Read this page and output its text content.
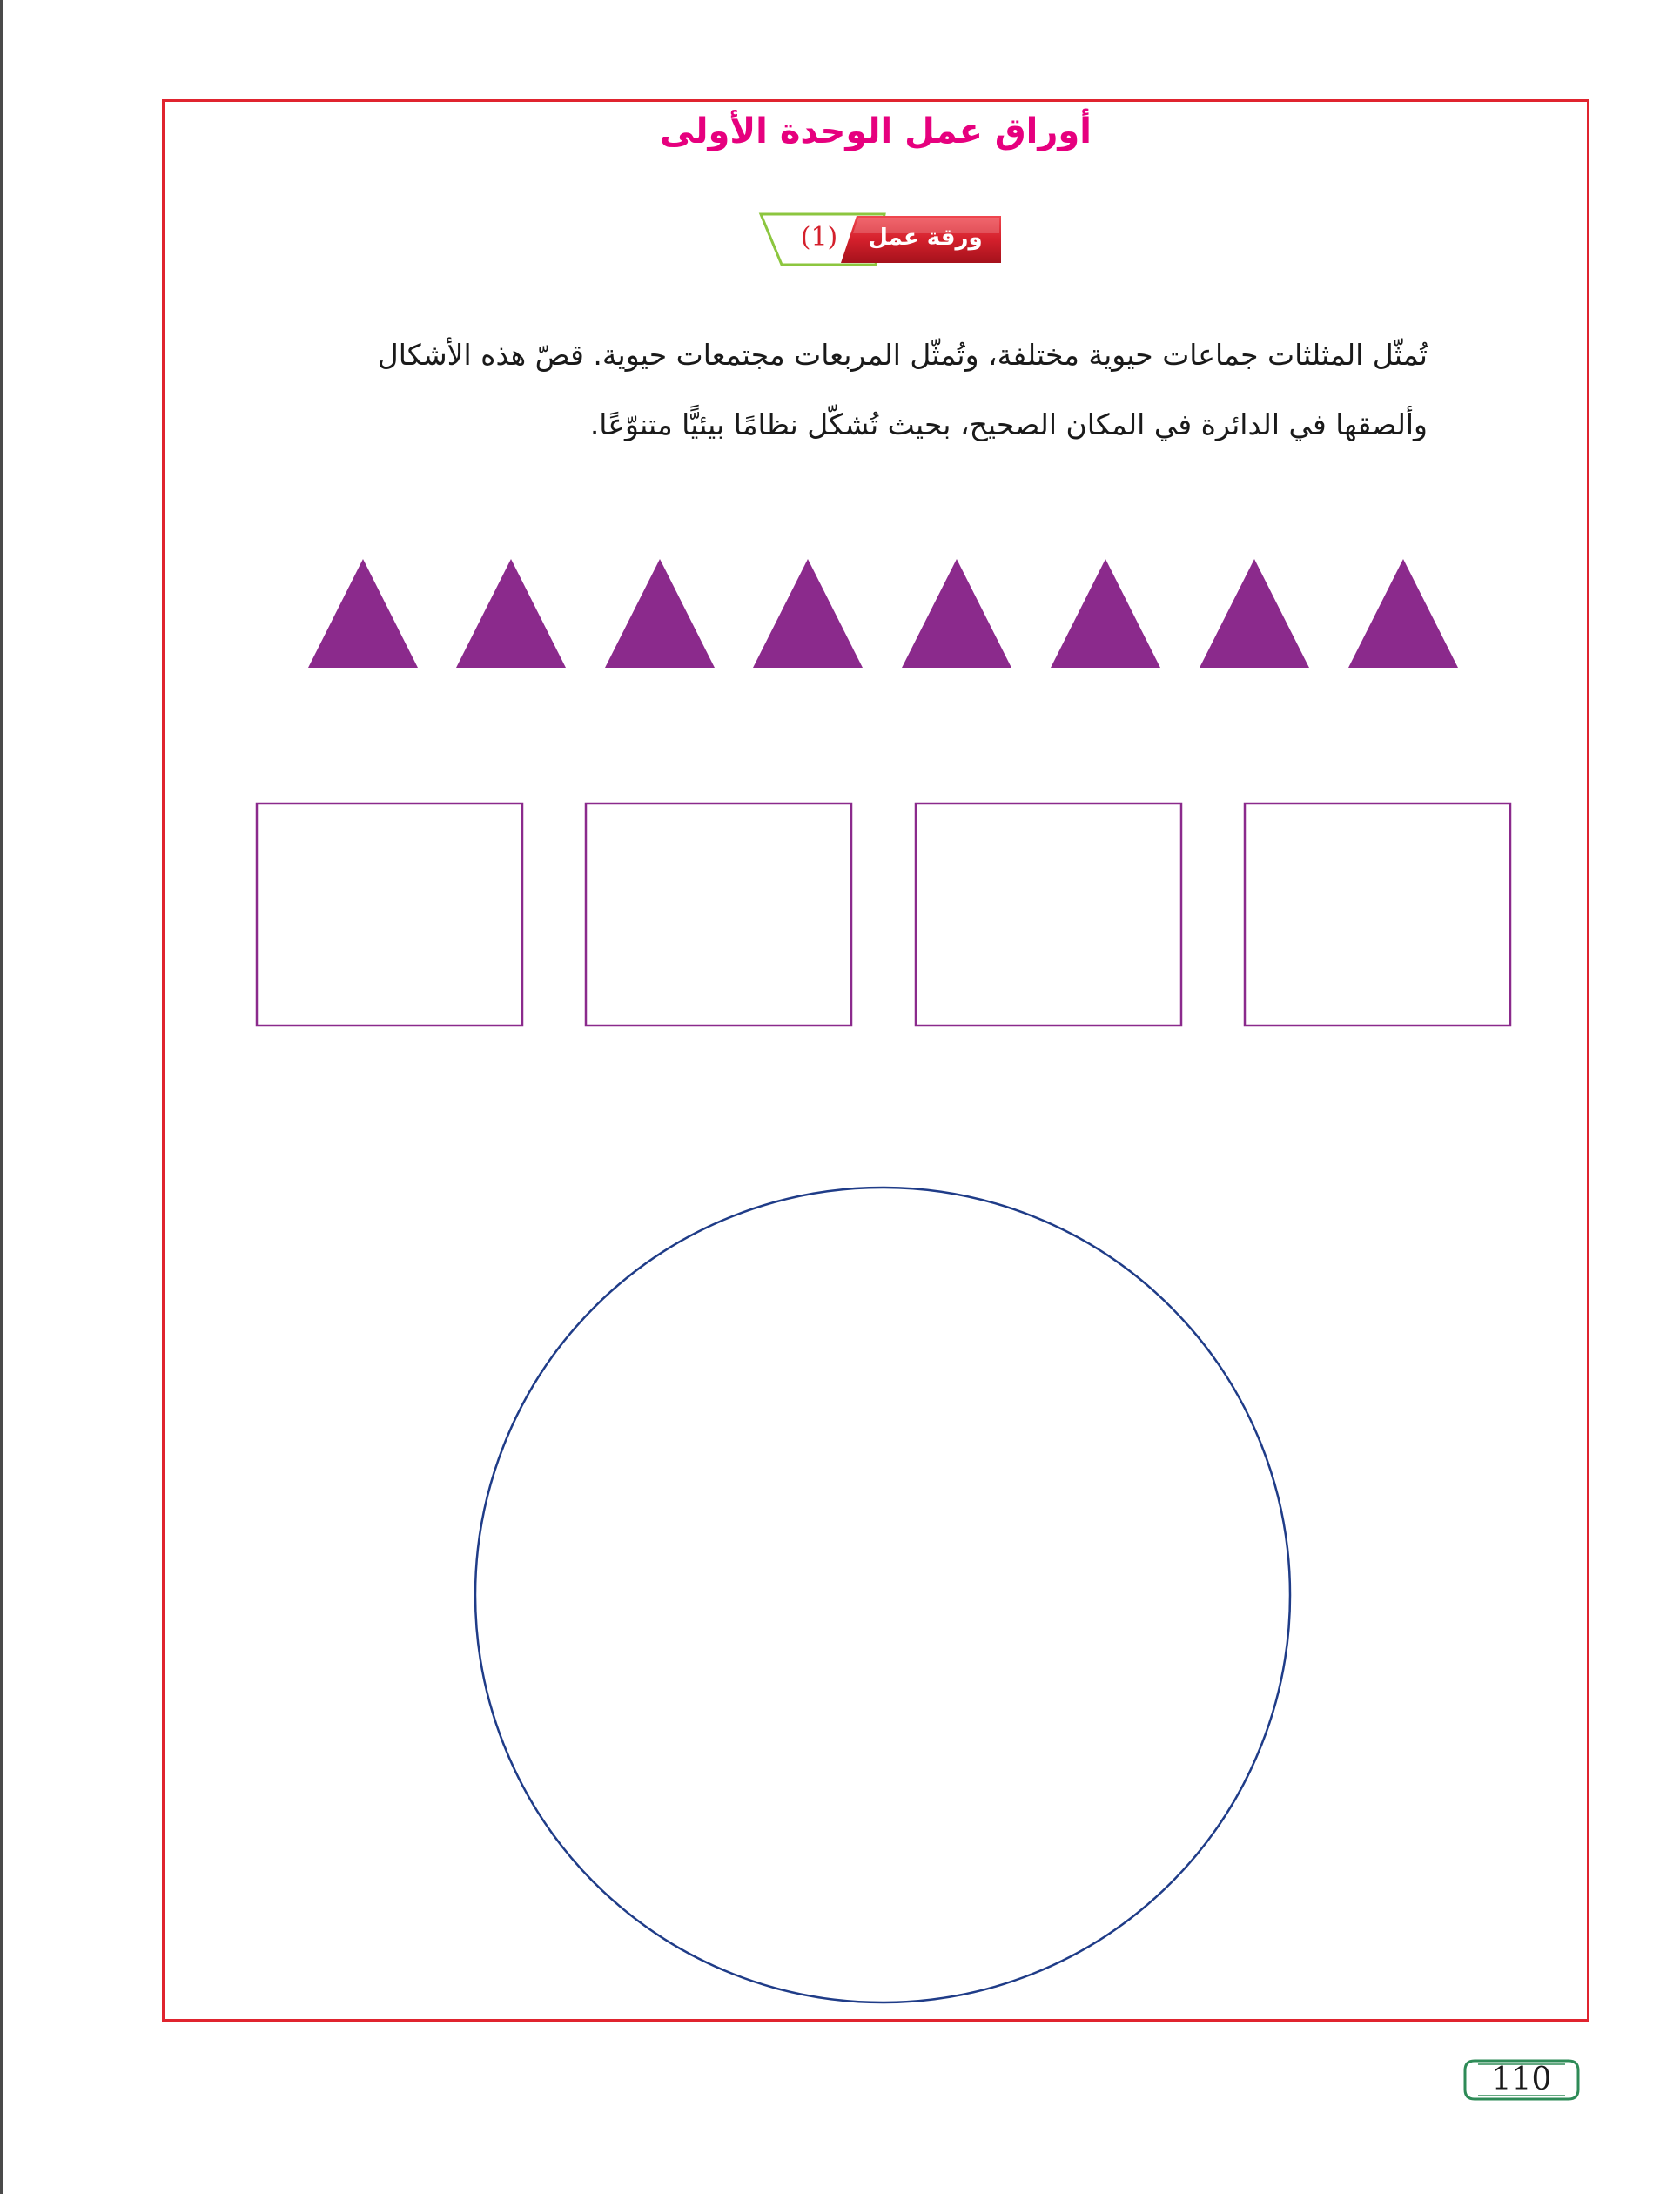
أوراق عمل الوحدة الأولى
ورقة عمل
(1)
تُمثّل المثلثات جماعات حيوية مختلفة، وتُمثّل المربعات مجتمعات حيوية. قصّ هذه الأشكال
وألصقها في الدائرة في المكان الصحيح، بحيث تُشكّل نظامًا بيئيًّا متنوّعًا.
110
